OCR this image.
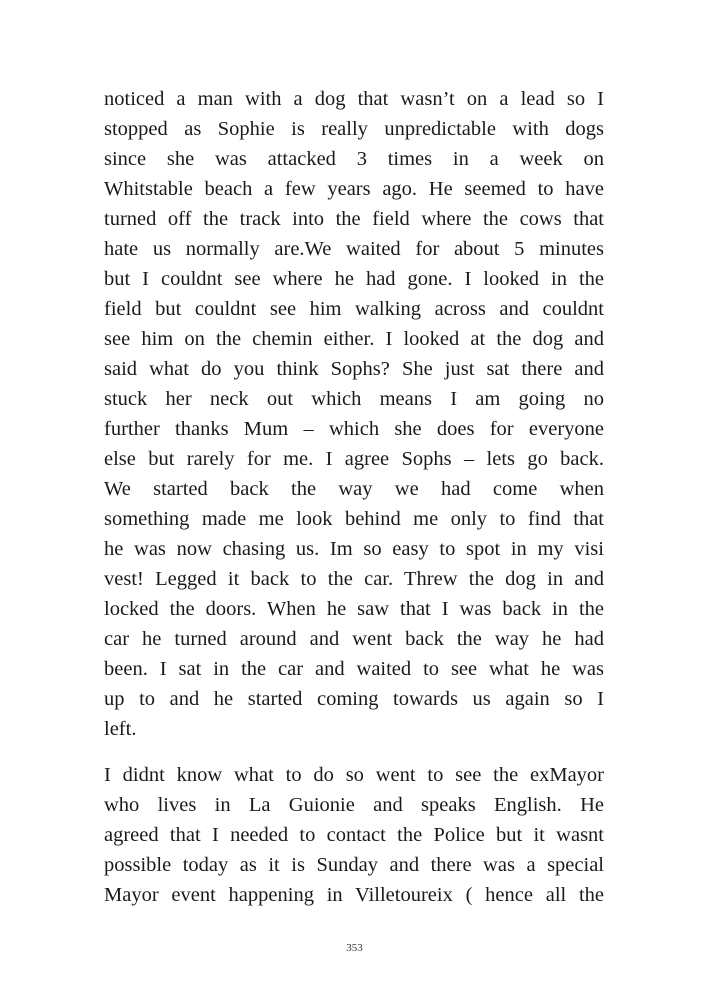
noticed a man with a dog that wasn’t on a lead so I
stopped as Sophie is really unpredictable with dogs
since she was attacked 3 times in a week on
Whitstable beach a few years ago. He seemed to have
turned off the track into the field where the cows that
hate us normally are.We waited for about 5 minutes
but I couldnt see where he had gone. I looked in the
field but couldnt see him walking across and couldnt
see him on the chemin either. I looked at the dog and
said what do you think Sophs? She just sat there and
stuck her neck out which means I am going no
further thanks Mum – which she does for everyone
else but rarely for me. I agree Sophs – lets go back.
We started back the way we had come when
something made me look behind me only to find that
he was now chasing us. Im so easy to spot in my visi
vest! Legged it back to the car. Threw the dog in and
locked the doors. When he saw that I was back in the
car he turned around and went back the way he had
been. I sat in the car and waited to see what he was
up to and he started coming towards us again so I
left.

I didnt know what to do so went to see the exMayor
who lives in La Guionie and speaks English. He
agreed that I needed to contact the Police but it wasnt
possible today as it is Sunday and there was a special
Mayor event happening in Villetoureix ( hence all the

353
